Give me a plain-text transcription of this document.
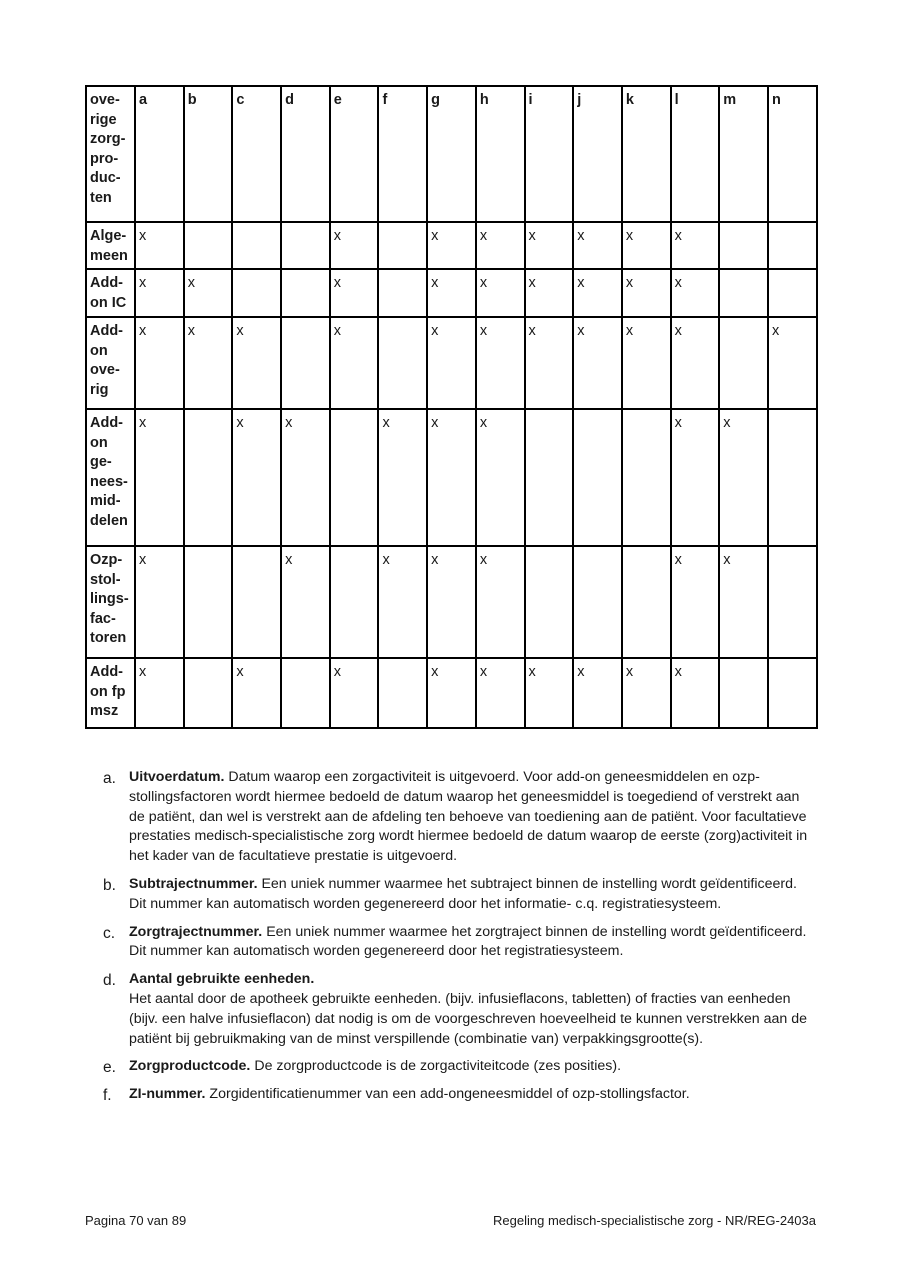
ove-
rige
zorg-
pro-
duc-
ten	a	b	c	d	e	f	g	h	i	j	k	l	m	n
Alge-
meen	x				x		x	x	x	x	x	x		
Add-
on IC	x	x			x		x	x	x	x	x	x		
Add-
on
ove-
rig	x	x	x		x		x	x	x	x	x	x		x
Add-
on
ge-
nees-
mid-
delen	x		x	x		x	x	x				x	x	
Ozp-
stol-
lings-
fac-
toren	x			x		x	x	x				x	x	
Add-
on fp
msz	x		x		x		x	x	x	x	x	x		
a. Uitvoerdatum. Datum waarop een zorgactiviteit is uitgevoerd. Voor add-on geneesmiddelen en ozp-stollingsfactoren wordt hiermee bedoeld de datum waarop het geneesmiddel is toegediend of verstrekt aan de patiënt, dan wel is verstrekt aan de afdeling ten behoeve van toediening aan de patiënt. Voor facultatieve prestaties medisch-specialistische zorg wordt hiermee bedoeld de datum waarop de eerste (zorg)activiteit in het kader van de facultatieve prestatie is uitgevoerd.
b. Subtrajectnummer. Een uniek nummer waarmee het subtraject binnen de instelling wordt geïdentificeerd. Dit nummer kan automatisch worden gegenereerd door het informatie- c.q. registratiesysteem.
c. Zorgtrajectnummer. Een uniek nummer waarmee het zorgtraject binnen de instelling wordt geïdentificeerd. Dit nummer kan automatisch worden gegenereerd door het registratiesysteem.
d. Aantal gebruikte eenheden.
Het aantal door de apotheek gebruikte eenheden. (bijv. infusieflacons, tabletten) of fracties van eenheden (bijv. een halve infusieflacon) dat nodig is om de voorgeschreven hoeveelheid te kunnen verstrekken aan de patiënt bij gebruikmaking van de minst verspillende (combinatie van) verpakkingsgrootte(s).
e. Zorgproductcode. De zorgproductcode is de zorgactiviteitcode (zes posities).
f. ZI-nummer. Zorgidentificatienummer van een add-ongeneesmiddel of ozp-stollingsfactor.
Pagina 70 van 89	Regeling medisch-specialistische zorg - NR/REG-2403a
